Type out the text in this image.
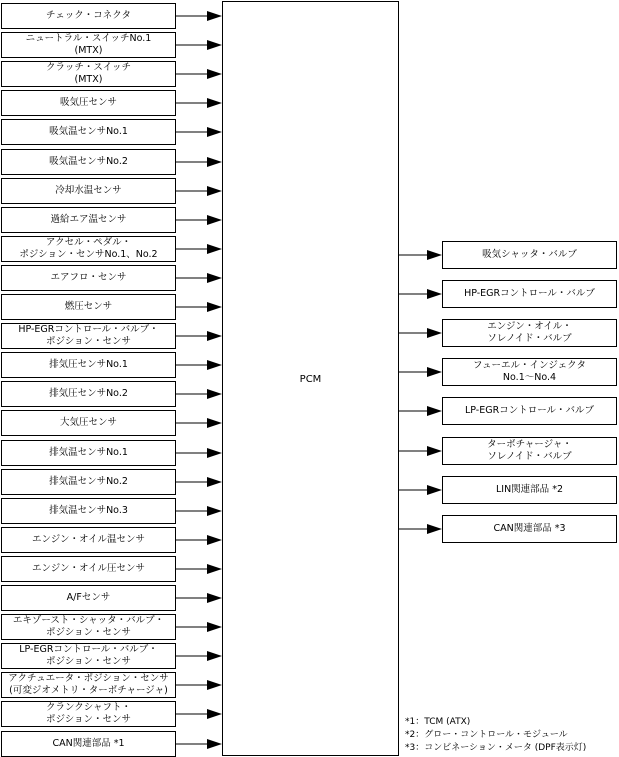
PCM
チェック・コネクタ
ニュートラル・スイッチNo.1
(MTX)
クラッチ・スイッチ
(MTX)
吸気圧センサ
吸気温センサNo.1
吸気温センサNo.2
冷却水温センサ
過給エア温センサ
アクセル・ペダル・
ポジション・センサNo.1、No.2
エアフロ・センサ
燃圧センサ
HP-EGRコントロール・バルブ・
ポジション・センサ
排気圧センサNo.1
排気圧センサNo.2
大気圧センサ
排気温センサNo.1
排気温センサNo.2
排気温センサNo.3
エンジン・オイル温センサ
エンジン・オイル圧センサ
A/Fセンサ
エキゾースト・シャッタ・バルブ・
ポジション・センサ
LP-EGRコントロール・バルブ・
ポジション・センサ
アクチュエータ・ポジション・センサ
(可変ジオメトリ・ターボチャージャ)
クランクシャフト・
ポジション・センサ
CAN関連部品 *1
吸気シャッタ・バルブ
HP-EGRコントロール・バルブ
エンジン・オイル・
ソレノイド・バルブ
フューエル・インジェクタ
No.1～No.4
LP-EGRコントロール・バルブ
ターボチャージャ・
ソレノイド・バルブ
LIN関連部品 *2
CAN関連部品 *3
*1：TCM (ATX)
*2：グロー・コントロール・モジュール
*3：コンビネーション・メータ (DPF表示灯)
